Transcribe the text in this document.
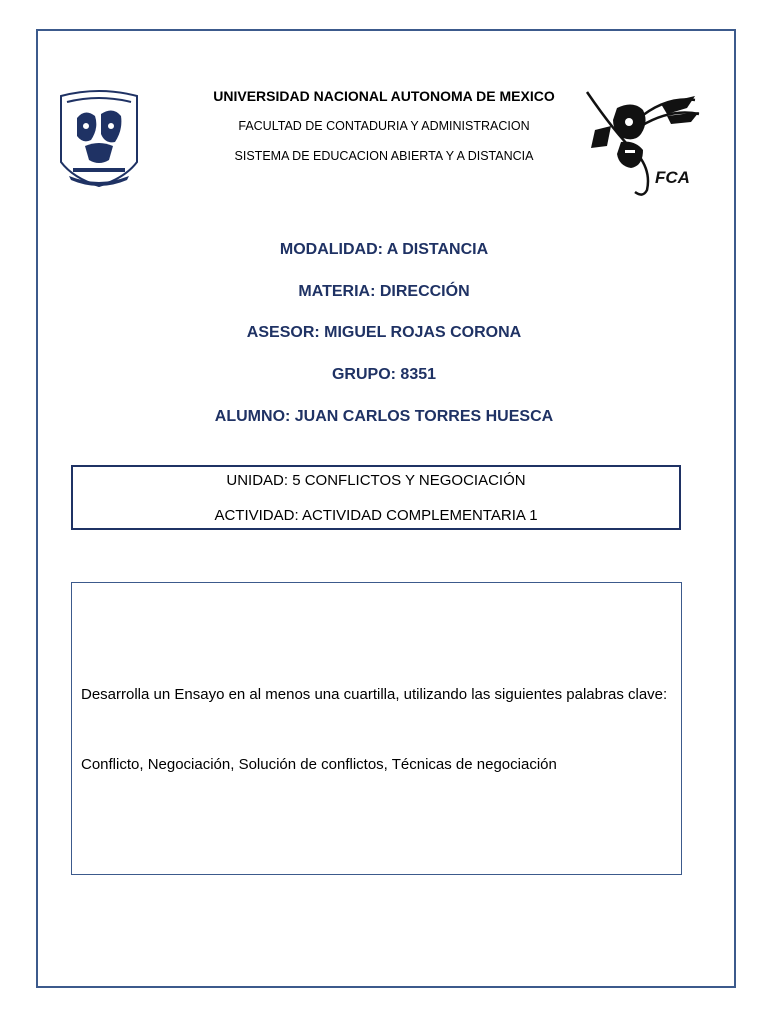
FCA
UNIVERSIDAD NACIONAL AUTONOMA DE MEXICO
FACULTAD DE CONTADURIA Y ADMINISTRACION
SISTEMA DE EDUCACION ABIERTA Y A DISTANCIA
MODALIDAD: A DISTANCIA
MATERIA: DIRECCIÓN
ASESOR: MIGUEL ROJAS CORONA
GRUPO: 8351
ALUMNO: JUAN CARLOS TORRES HUESCA
UNIDAD: 5 CONFLICTOS Y NEGOCIACIÓN
ACTIVIDAD: ACTIVIDAD COMPLEMENTARIA 1
Desarrolla un Ensayo en al menos una cuartilla, utilizando las siguientes palabras clave:
Conflicto, Negociación, Solución de conflictos, Técnicas de negociación
